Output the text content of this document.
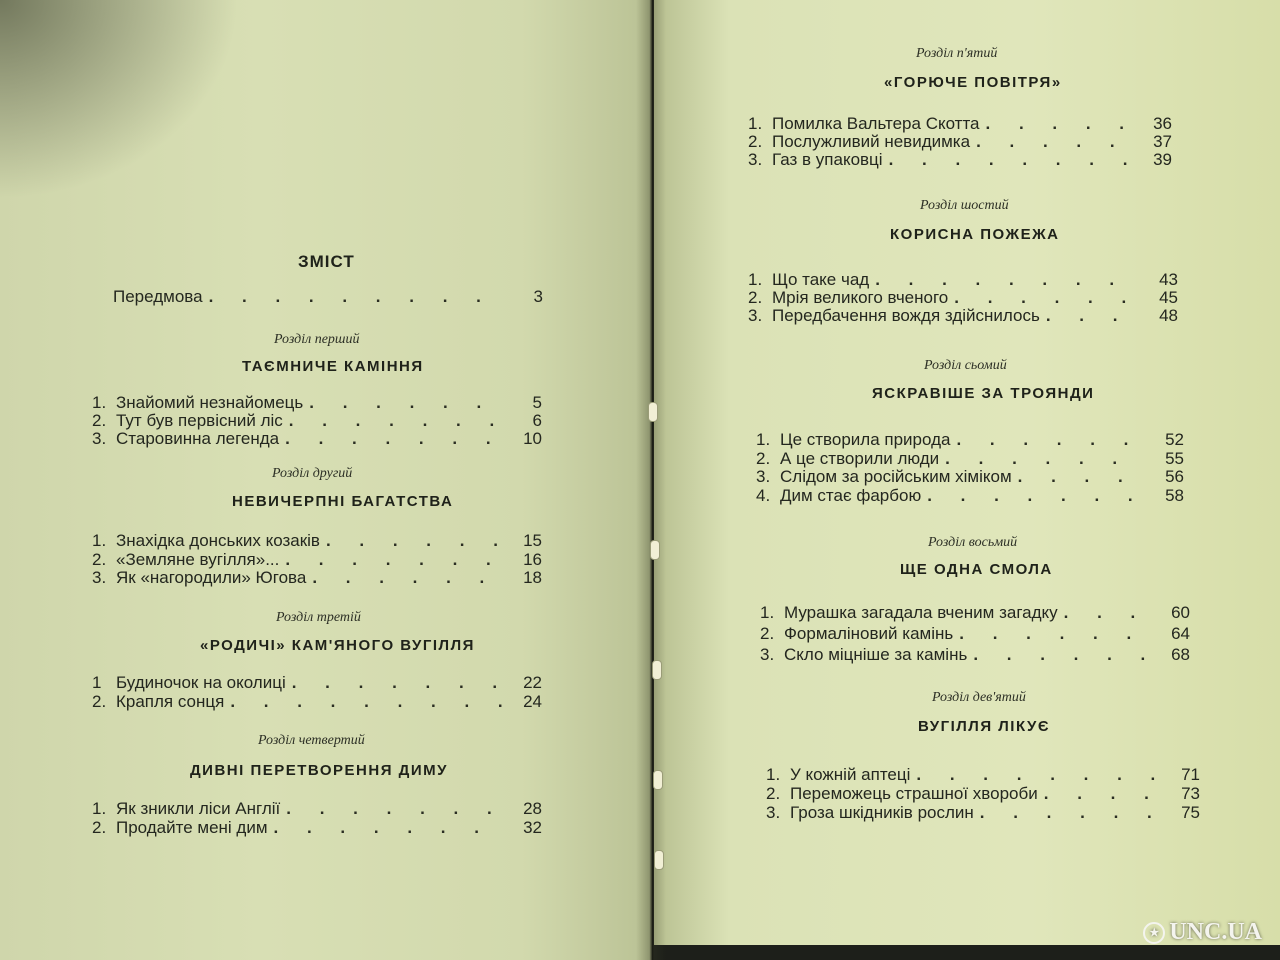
ЗМІСТ
Передмова . . .	3
Розділ перший
ТАЄМНИЧЕ КАМІННЯ
1. Знайомий незнайомець . . .	5
2. Тут був первісний ліс . . .	6
3. Старовинна легенда . . .	10
Розділ другий
НЕВИЧЕРПНІ БАГАТСТВА
1. Знахідка донських козаків . . .	15
2. «Земляне вугілля»... . . .	16
3. Як «нагородили» Югова . . .	18
Розділ третій
«РОДИЧІ» КАМ'ЯНОГО ВУГІЛЛЯ
1 Будиночок на околиці . . .	22
2. Крапля сонця . . .	24
Розділ четвертий
ДИВНІ ПЕРЕТВОРЕННЯ ДИМУ
1. Як зникли ліси Англії . . .	28
2. Продайте мені дим . . .	32
Розділ п'ятий
«ГОРЮЧЕ ПОВІТРЯ»
1. Помилка Вальтера Скотта . . .	36
2. Послужливий невидимка . . .	37
3. Газ в упаковці . . .	39
Розділ шостий
КОРИСНА ПОЖЕЖА
1. Що таке чад . . .	43
2. Мрія великого вченого . . .	45
3. Передбачення вождя здійснилось . . .	48
Розділ сьомий
ЯСКРАВІШЕ ЗА ТРОЯНДИ
1. Це створила природа . . .	52
2. А це створили люди . . .	55
3. Слідом за російським хіміком . . .	56
4. Дим стає фарбою . . .	58
Розділ восьмий
ЩЕ ОДНА СМОЛА
1. Мурашка загадала вченим загадку . . .	60
2. Формаліновий камінь . . .	64
3. Скло міцніше за камінь . . .	68
Розділ дев'ятий
ВУГІЛЛЯ ЛІКУЄ
1. У кожній аптеці . . .	71
2. Переможець страшної хвороби . . .	73
3. Гроза шкідників рослин . . .	75
★ UNC.UA
